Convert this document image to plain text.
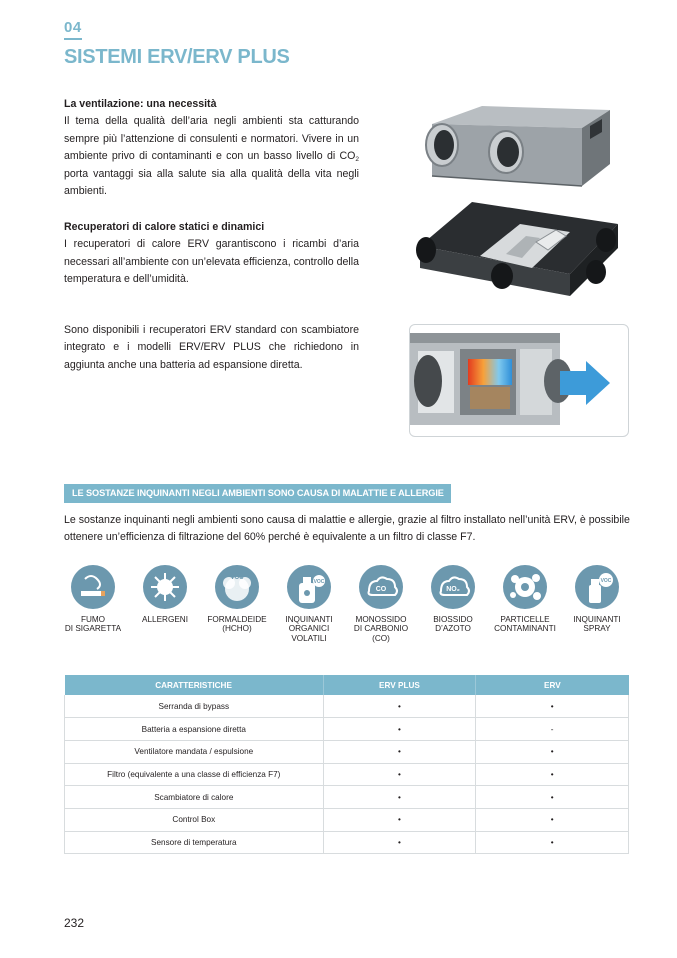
04
SISTEMI ERV/ERV PLUS
La ventilazione: una necessità
Il tema della qualità dell’aria negli ambienti sta catturando sempre più l’attenzione di consulenti e normatori. Vivere in un ambiente privo di contaminanti e con un basso livello di $CO_2$ porta vantaggi sia alla salute sia alla qualità della vita negli ambienti.
Recuperatori di calore statici e dinamici
I recuperatori di calore ERV garantiscono i ricambi d’aria necessari all’ambiente con un’elevata efficienza, controllo della temperatura e dell’umidità.
Sono disponibili i recuperatori ERV standard con scambiatore integrato e i modelli ERV/ERV PLUS che richiedono in aggiunta anche una batteria ad espansione diretta.
LE SOSTANZE INQUINANTI NEGLI AMBIENTI SONO CAUSA DI MALATTIE E ALLERGIE
Le sostanze inquinanti negli ambienti sono causa di malattie e allergie, grazie al filtro installato nell’unità ERV, è possibile ottenere un’efficienza di filtrazione del 60% perché è equivalente a un filtro di classe F7.
FUMO
DI SIGARETTA
ALLERGENI
VOC
FORMALDEIDE
(HCHO)
VOC
INQUINANTI
ORGANICI
VOLATILI
CO
MONOSSIDO
DI CARBONIO
(CO)
NO₂
BIOSSIDO
D’AZOTO
PARTICELLE
CONTAMINANTI
VOC
INQUINANTI
SPRAY
CARATTERISTICHE	ERV PLUS	ERV
Serranda di bypass	•	•
Batteria a espansione diretta	•	-
Ventilatore mandata / espulsione	•	•
Filtro (equivalente a una classe di efficienza F7)	•	•
Scambiatore di calore	•	•
Control Box	•	•
Sensore di temperatura	•	•
232
